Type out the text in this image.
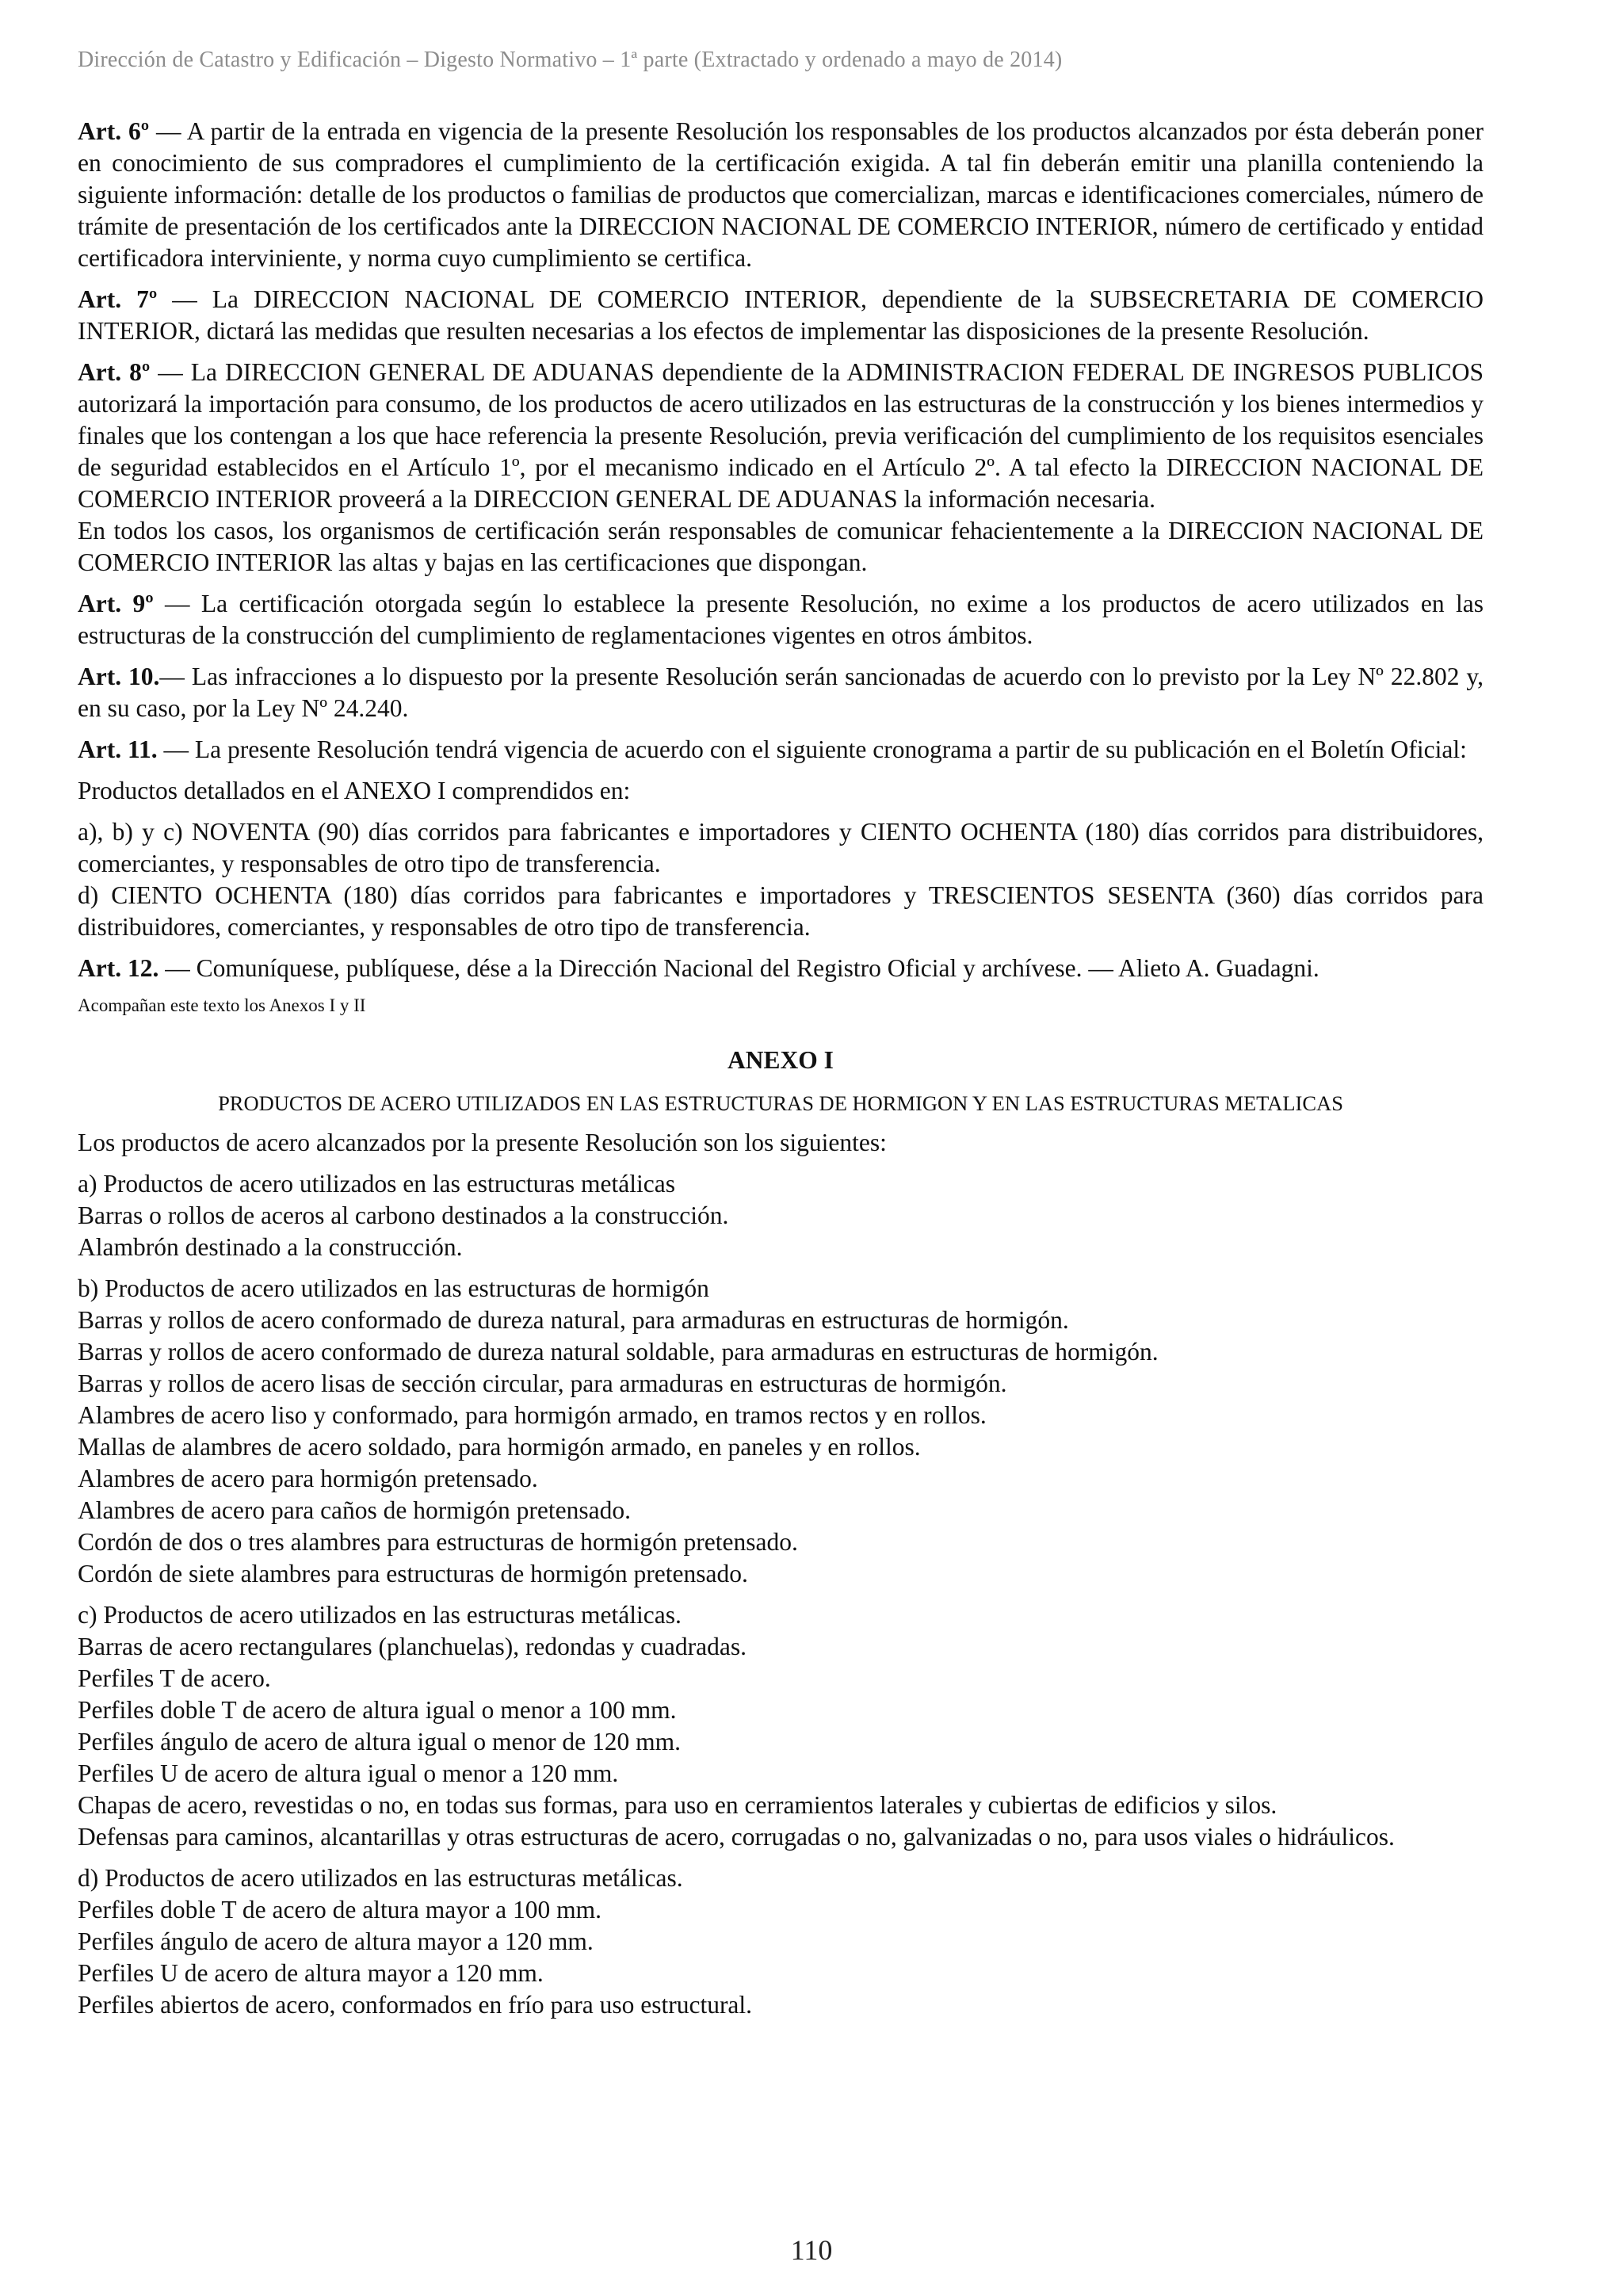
Dirección de Catastro y Edificación – Digesto Normativo – 1ª parte (Extractado y ordenado a mayo de 2014)

Art. 6º — A partir de la entrada en vigencia de la presente Resolución los responsables de los productos alcanzados por ésta deberán poner en conocimiento de sus compradores el cumplimiento de la certificación exigida. A tal fin deberán emitir una planilla conteniendo la siguiente información: detalle de los productos o familias de productos que comercializan, marcas e identificaciones comerciales, número de trámite de presentación de los certificados ante la DIRECCION NACIONAL DE COMERCIO INTERIOR, número de certificado y entidad certificadora interviniente, y norma cuyo cumplimiento se certifica.

Art. 7º — La DIRECCION NACIONAL DE COMERCIO INTERIOR, dependiente de la SUBSECRETARIA DE COMERCIO INTERIOR, dictará las medidas que resulten necesarias a los efectos de implementar las disposiciones de la presente Resolución.

Art. 8º — La DIRECCION GENERAL DE ADUANAS dependiente de la ADMINISTRACION FEDERAL DE INGRESOS PUBLICOS autorizará la importación para consumo, de los productos de acero utilizados en las estructuras de la construcción y los bienes intermedios y finales que los contengan a los que hace referencia la presente Resolución, previa verificación del cumplimiento de los requisitos esenciales de seguridad establecidos en el Artículo 1º, por el mecanismo indicado en el Artículo 2º. A tal efecto la DIRECCION NACIONAL DE COMERCIO INTERIOR proveerá a la DIRECCION GENERAL DE ADUANAS la información necesaria.

En todos los casos, los organismos de certificación serán responsables de comunicar fehacientemente a la DIRECCION NACIONAL DE COMERCIO INTERIOR las altas y bajas en las certificaciones que dispongan.

Art. 9º — La certificación otorgada según lo establece la presente Resolución, no exime a los productos de acero utilizados en las estructuras de la construcción del cumplimiento de reglamentaciones vigentes en otros ámbitos.

Art. 10.— Las infracciones a lo dispuesto por la presente Resolución serán sancionadas de acuerdo con lo previsto por la Ley Nº 22.802 y, en su caso, por la Ley Nº 24.240.

Art. 11. — La presente Resolución tendrá vigencia de acuerdo con el siguiente cronograma a partir de su publicación en el Boletín Oficial:

Productos detallados en el ANEXO I comprendidos en:

a), b) y c) NOVENTA (90) días corridos para fabricantes e importadores y CIENTO OCHENTA (180) días corridos para distribuidores, comerciantes, y responsables de otro tipo de transferencia.

d) CIENTO OCHENTA (180) días corridos para fabricantes e importadores y TRESCIENTOS SESENTA (360) días corridos para distribuidores, comerciantes, y responsables de otro tipo de transferencia.

Art. 12. — Comuníquese, publíquese, dése a la Dirección Nacional del Registro Oficial y archívese. — Alieto A. Guadagni.

Acompañan este texto los Anexos I y II

ANEXO I

PRODUCTOS DE ACERO UTILIZADOS EN LAS ESTRUCTURAS DE HORMIGON Y EN LAS ESTRUCTURAS METALICAS

Los productos de acero alcanzados por la presente Resolución son los siguientes:

a) Productos de acero utilizados en las estructuras metálicas
Barras o rollos de aceros al carbono destinados a la construcción.
Alambrón destinado a la construcción.
b) Productos de acero utilizados en las estructuras de hormigón
Barras y rollos de acero conformado de dureza natural, para armaduras en estructuras de hormigón.
Barras y rollos de acero conformado de dureza natural soldable, para armaduras en estructuras de hormigón.
Barras y rollos de acero lisas de sección circular, para armaduras en estructuras de hormigón.
Alambres de acero liso y conformado, para hormigón armado, en tramos rectos y en rollos.
Mallas de alambres de acero soldado, para hormigón armado, en paneles y en rollos.
Alambres de acero para hormigón pretensado.
Alambres de acero para caños de hormigón pretensado.
Cordón de dos o tres alambres para estructuras de hormigón pretensado.
Cordón de siete alambres para estructuras de hormigón pretensado.
c) Productos de acero utilizados en las estructuras metálicas.
Barras de acero rectangulares (planchuelas), redondas y cuadradas.
Perfiles T de acero.
Perfiles doble T de acero de altura igual o menor a 100 mm.
Perfiles ángulo de acero de altura igual o menor de 120 mm.
Perfiles U de acero de altura igual o menor a 120 mm.
Chapas de acero, revestidas o no, en todas sus formas, para uso en cerramientos laterales y cubiertas de edificios y silos.
Defensas para caminos, alcantarillas y otras estructuras de acero, corrugadas o no, galvanizadas o no, para usos viales o hidráulicos.
d) Productos de acero utilizados en las estructuras metálicas.
Perfiles doble T de acero de altura mayor a 100 mm.
Perfiles ángulo de acero de altura mayor a 120 mm.
Perfiles U de acero de altura mayor a 120 mm.
Perfiles abiertos de acero, conformados en frío para uso estructural.
110
